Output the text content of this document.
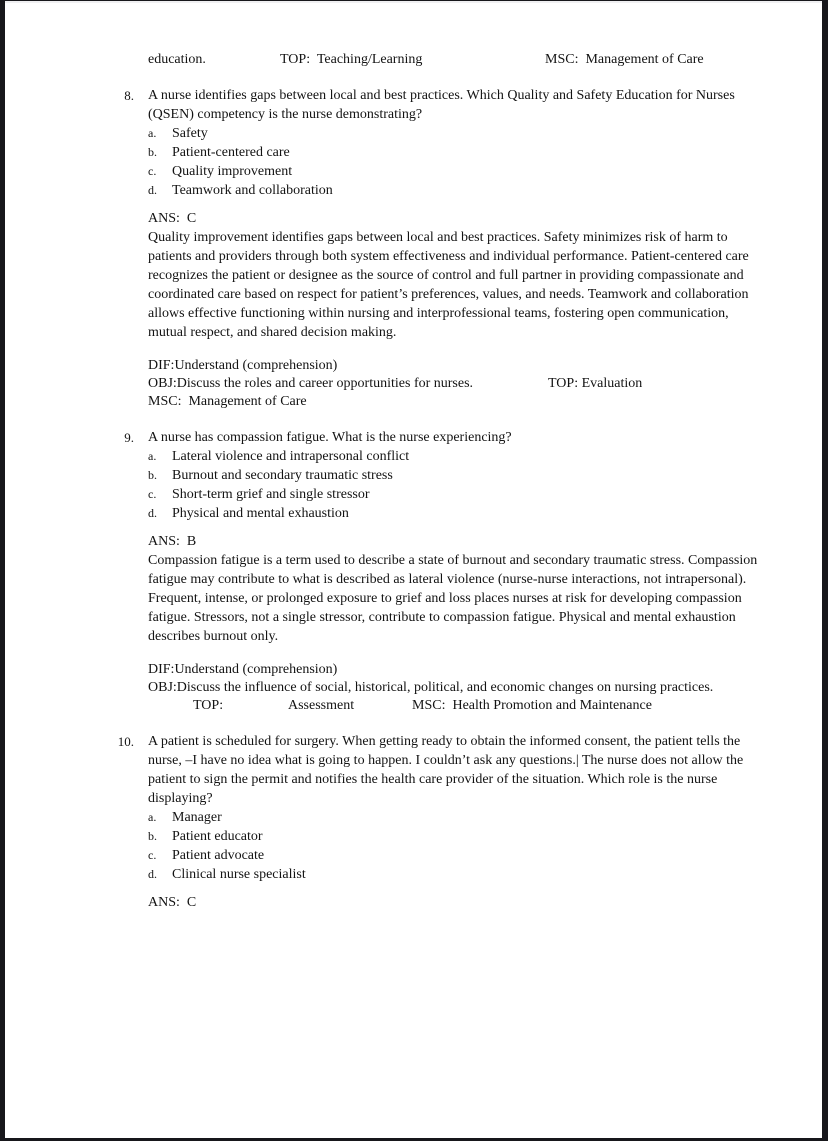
education.	TOP:  Teaching/Learning	MSC:  Management of Care
8. A nurse identifies gaps between local and best practices. Which Quality and Safety Education for Nurses (QSEN) competency is the nurse demonstrating?

a.	Safety
b.	Patient-centered care
c.	Quality improvement
d.	Teamwork and collaboration
ANS:  C

Quality improvement identifies gaps between local and best practices. Safety minimizes risk of harm to patients and providers through both system effectiveness and individual performance. Patient-centered care recognizes the patient or designee as the source of control and full partner in providing compassionate and coordinated care based on respect for patient’s preferences, values, and needs. Teamwork and collaboration allows effective functioning within nursing and interprofessional teams, fostering open communication, mutual respect, and shared decision making.

DIF:Understand (comprehension)
OBJ:Discuss the roles and career opportunities for nurses.	TOP: Evaluation
MSC:  Management of Care
9. A nurse has compassion fatigue. What is the nurse experiencing?

a.	Lateral violence and intrapersonal conflict
b.	Burnout and secondary traumatic stress
c.	Short-term grief and single stressor
d.	Physical and mental exhaustion
ANS:  B

Compassion fatigue is a term used to describe a state of burnout and secondary traumatic stress. Compassion fatigue may contribute to what is described as lateral violence (nurse-nurse interactions, not intrapersonal). Frequent, intense, or prolonged exposure to grief and loss places nurses at risk for developing compassion fatigue. Stressors, not a single stressor, contribute to compassion fatigue. Physical and mental exhaustion describes burnout only.

DIF:Understand (comprehension)
OBJ:Discuss the influence of social, historical, political, and economic changes on nursing practices.
TOP:	Assessment	MSC:  Health Promotion and Maintenance
10. A patient is scheduled for surgery. When getting ready to obtain the informed consent, the patient tells the nurse, –I have no idea what is going to happen. I couldn’t ask any questions.| The nurse does not allow the patient to sign the permit and notifies the health care provider of the situation. Which role is the nurse displaying?

a.	Manager
b.	Patient educator
c.	Patient advocate
d.	Clinical nurse specialist
ANS:  C
